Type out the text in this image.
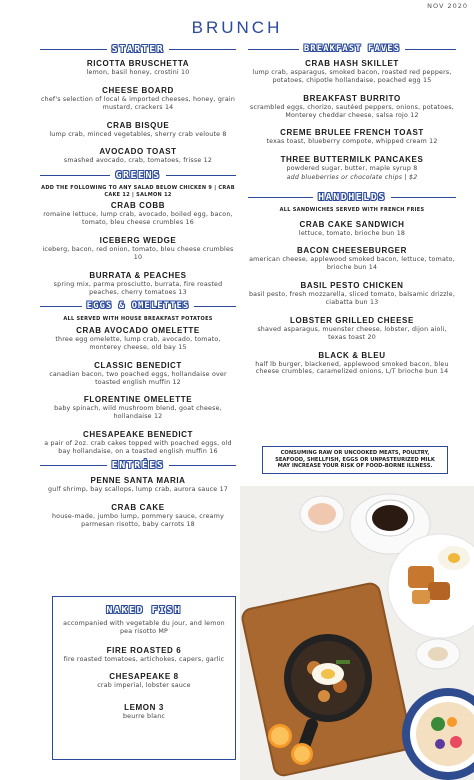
NOV 2020
BRUNCH
STARTER
RICOTTA BRUSCHETTA
lemon, basil honey, crostini 10
CHEESE BOARD
chef's selection of local & imported cheeses, honey, grain mustard, crackers 14
CRAB BISQUE
lump crab, minced vegetables, sherry crab veloute 8
AVOCADO TOAST
smashed avocado, crab, tomatoes, frisse 12
GREENS
ADD THE FOLLOWING TO ANY SALAD BELOW CHICKEN 9 | CRAB CAKE 12 | SALMON 12
CRAB COBB
romaine lettuce, lump crab, avocado, boiled egg, bacon, tomato, bleu cheese crumbles 16
ICEBERG WEDGE
iceberg, bacon, red onion, tomato, bleu cheese crumbles 10
BURRATA & PEACHES
spring mix, parma prosciutto, burrata, fire roasted peaches, cherry tomatoes 13
EGGS & OMELETTES
ALL SERVED WITH HOUSE BREAKFAST POTATOES
CRAB AVOCADO OMELETTE
three egg omelette, lump crab, avocado, tomato, monterey cheese, old bay 15
CLASSIC BENEDICT
canadian bacon, two poached eggs, hollandaise over toasted english muffin 12
FLORENTINE OMELETTE
baby spinach, wild mushroom blend, goat cheese, hollandaise 12
CHESAPEAKE BENEDICT
a pair of 2oz. crab cakes topped with poached eggs, old bay hollandaise, on a toasted english muffin 16
ENTRÉES
PENNE SANTA MARIA
gulf shrimp, bay scallops, lump crab, aurora sauce 17
CRAB CAKE
house-made, jumbo lump, pommery sauce, creamy parmesan risotto, baby carrots 18
NAKED FISH
accompanied with vegetable du jour, and lemon pea risotto MP
FIRE ROASTED 6
fire roasted tomatoes, artichokes, capers, garlic
CHESAPEAKE 8
crab imperial, lobster sauce
LEMON 3
beurre blanc
BREAKFAST FAVES
CRAB HASH SKILLET
lump crab, asparagus, smoked bacon, roasted red peppers, potatoes, chipotle hollandaise, poached egg 15
BREAKFAST BURRITO
scrambled eggs, chorizo, sautéed peppers, onions, potatoes, Monterey cheddar cheese, salsa rojo 12
CREME BRULEE FRENCH TOAST
texas toast, blueberry compote, whipped cream 12
THREE BUTTERMILK PANCAKES
powdered sugar, butter, maple syrup 8
add blueberries or chocolate chips | $2
HANDHELDS
ALL SANDWICHES SERVED WITH FRENCH FRIES
CRAB CAKE SANDWICH
lettuce, tomato, brioche bun 18
BACON CHEESEBURGER
american cheese, applewood smoked bacon, lettuce, tomato, brioche bun 14
BASIL PESTO CHICKEN
basil pesto, fresh mozzarella, sliced tomato, balsamic drizzle, ciabatta bun 13
LOBSTER GRILLED CHEESE
shaved asparagus, muenster cheese, lobster, dijon aioli, texas toast 20
BLACK & BLEU
half lb burger, blackened, applewood smoked bacon, bleu cheese crumbles, caramelized onions, L/T brioche bun 14
CONSUMING RAW OR UNCOOKED MEATS, POULTRY, SEAFOOD, SHELLFISH, EGGS OR UNPASTEURIZED MILK MAY INCREASE YOUR RISK OF FOOD-BORNE ILLNESS.
